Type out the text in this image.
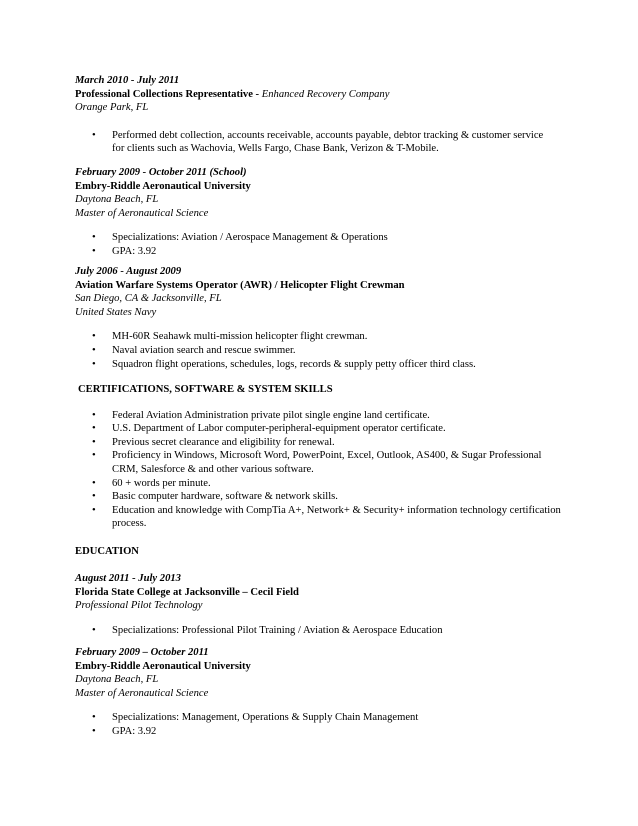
March 2010 - July 2011
Professional Collections Representative - Enhanced Recovery Company
Orange Park, FL
• Performed debt collection, accounts receivable, accounts payable, debtor tracking & customer service for clients such as Wachovia, Wells Fargo, Chase Bank, Verizon & T-Mobile.
February 2009 - October 2011 (School)
Embry-Riddle Aeronautical University
Daytona Beach, FL
Master of Aeronautical Science
• Specializations: Aviation / Aerospace Management & Operations
• GPA: 3.92
July 2006 - August 2009
Aviation Warfare Systems Operator (AWR) / Helicopter Flight Crewman
San Diego, CA & Jacksonville, FL
United States Navy
• MH-60R Seahawk multi-mission helicopter flight crewman.
• Naval aviation search and rescue swimmer.
• Squadron flight operations, schedules, logs, records & supply petty officer third class.
CERTIFICATIONS, SOFTWARE & SYSTEM SKILLS
• Federal Aviation Administration private pilot single engine land certificate.
• U.S. Department of Labor computer-peripheral-equipment operator certificate.
• Previous secret clearance and eligibility for renewal.
• Proficiency in Windows, Microsoft Word, PowerPoint, Excel, Outlook, AS400, & Sugar Professional CRM, Salesforce & and other various software.
• 60 + words per minute.
• Basic computer hardware, software & network skills.
• Education and knowledge with CompTia A+, Network+ & Security+ information technology certification process.
EDUCATION
August 2011 - July 2013
Florida State College at Jacksonville – Cecil Field
Professional Pilot Technology
• Specializations: Professional Pilot Training / Aviation & Aerospace Education
February 2009 – October 2011
Embry-Riddle Aeronautical University
Daytona Beach, FL
Master of Aeronautical Science
• Specializations: Management, Operations & Supply Chain Management
• GPA: 3.92
